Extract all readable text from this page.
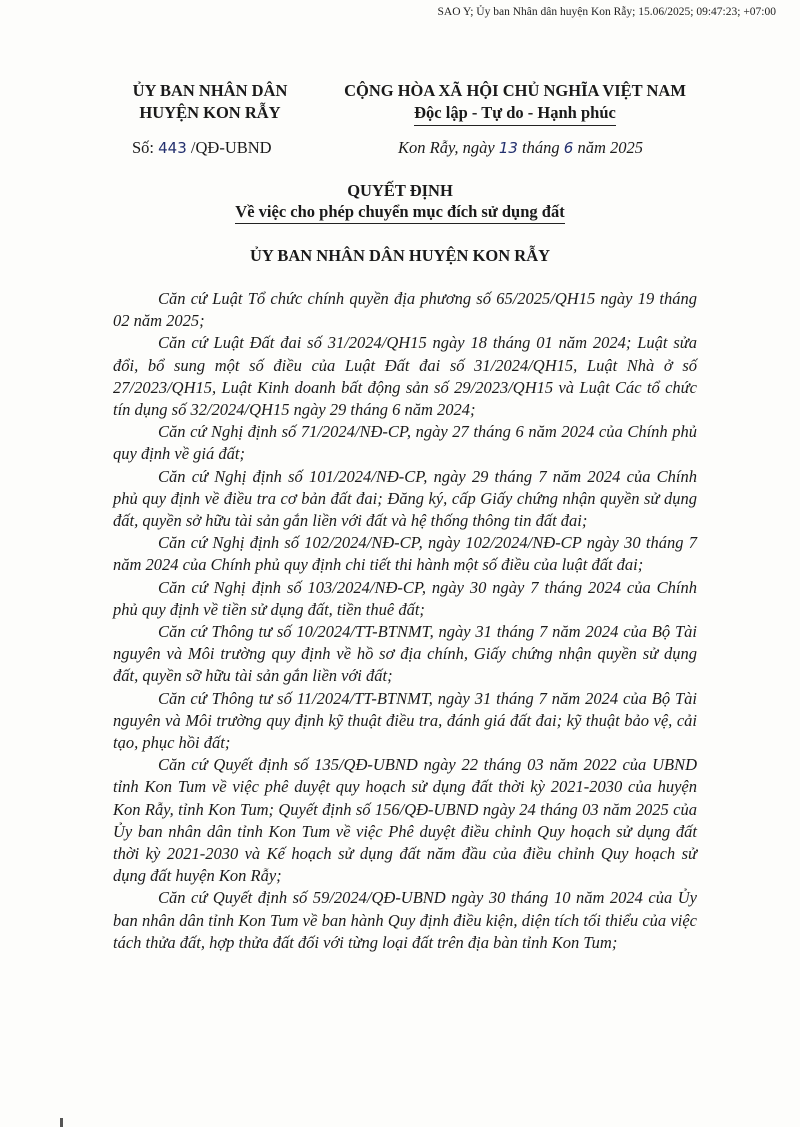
SAO Y; Ủy ban Nhân dân huyện Kon Rẫy; 15.06/2025; 09:47:23; +07:00
ỦY BAN NHÂN DÂN
HUYỆN KON RẪY
CỘNG HÒA XÃ HỘI CHỦ NGHĨA VIỆT NAM
Độc lập - Tự do - Hạnh phúc
Số: 443 /QĐ-UBND	Kon Rẫy, ngày 13 tháng 6 năm 2025
QUYẾT ĐỊNH
Về việc cho phép chuyển mục đích sử dụng đất
ỦY BAN NHÂN DÂN HUYỆN KON RẪY

Căn cứ Luật Tổ chức chính quyền địa phương số 65/2025/QH15 ngày 19 tháng 02 năm 2025;

Căn cứ Luật Đất đai số 31/2024/QH15 ngày 18 tháng 01 năm 2024; Luật sửa đổi, bổ sung một số điều của Luật Đất đai số 31/2024/QH15, Luật Nhà ở số 27/2023/QH15, Luật Kinh doanh bất động sản số 29/2023/QH15 và Luật Các tổ chức tín dụng số 32/2024/QH15 ngày 29 tháng 6 năm 2024;

Căn cứ Nghị định số 71/2024/NĐ-CP, ngày 27 tháng 6 năm 2024 của Chính phủ quy định về giá đất;

Căn cứ Nghị định số 101/2024/NĐ-CP, ngày 29 tháng 7 năm 2024 của Chính phủ quy định về điều tra cơ bản đất đai; Đăng ký, cấp Giấy chứng nhận quyền sử dụng đất, quyền sở hữu tài sản gắn liền với đất và hệ thống thông tin đất đai;

Căn cứ Nghị định số 102/2024/NĐ-CP, ngày 102/2024/NĐ-CP ngày 30 tháng 7 năm 2024 của Chính phủ quy định chi tiết thi hành một số điều của luật đất đai;

Căn cứ Nghị định số 103/2024/NĐ-CP, ngày 30 ngày 7 tháng 2024 của Chính phủ quy định về tiền sử dụng đất, tiền thuê đất;

Căn cứ Thông tư số 10/2024/TT-BTNMT, ngày 31 tháng 7 năm 2024 của Bộ Tài nguyên và Môi trường quy định về hồ sơ địa chính, Giấy chứng nhận quyền sử dụng đất, quyền sỡ hữu tài sản gắn liền với đất;

Căn cứ Thông tư số 11/2024/TT-BTNMT, ngày 31 tháng 7 năm 2024 của Bộ Tài nguyên và Môi trường quy định kỹ thuật điều tra, đánh giá đất đai; kỹ thuật bảo vệ, cải tạo, phục hồi đất;

Căn cứ Quyết định số 135/QĐ-UBND ngày 22 tháng 03 năm 2022 của UBND tỉnh Kon Tum về việc phê duyệt quy hoạch sử dụng đất thời kỳ 2021-2030 của huyện Kon Rẫy, tỉnh Kon Tum; Quyết định số 156/QĐ-UBND ngày 24 tháng 03 năm 2025 của Ủy ban nhân dân tỉnh Kon Tum về việc Phê duyệt điều chỉnh Quy hoạch sử dụng đất thời kỳ 2021-2030 và Kế hoạch sử dụng đất năm đầu của điều chỉnh Quy hoạch sử dụng đất huyện Kon Rẫy;

Căn cứ Quyết định số 59/2024/QĐ-UBND ngày 30 tháng 10 năm 2024 của Ủy ban nhân dân tỉnh Kon Tum về ban hành Quy định điều kiện, diện tích tối thiểu của việc tách thửa đất, hợp thửa đất đối với từng loại đất trên địa bàn tỉnh Kon Tum;
